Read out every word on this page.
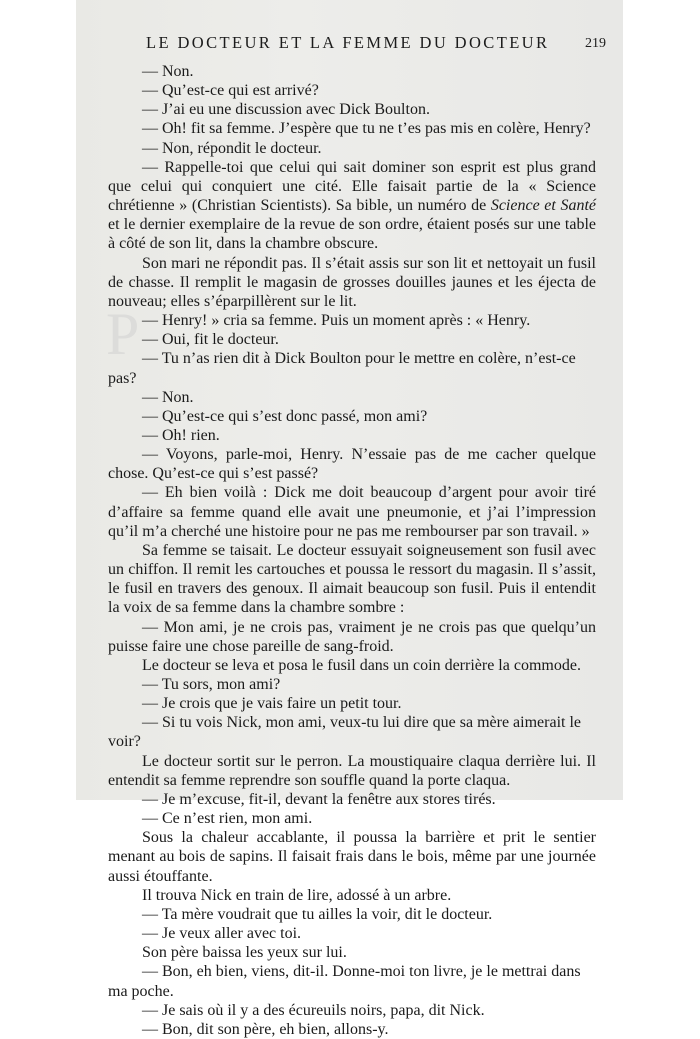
P
LE DOCTEUR ET LA FEMME DU DOCTEUR	219

— Non.

— Qu’est-ce qui est arrivé?

— J’ai eu une discussion avec Dick Boulton.

— Oh! fit sa femme. J’espère que tu ne t’es pas mis en colère, Henry?

— Non, répondit le docteur.

— Rappelle-toi que celui qui sait dominer son esprit est plus grand que celui qui conquiert une cité. Elle faisait partie de la « Science chrétienne » (Christian Scientists). Sa bible, un numéro de Science et Santé et le dernier exemplaire de la revue de son ordre, étaient posés sur une table à côté de son lit, dans la chambre obscure.

Son mari ne répondit pas. Il s’était assis sur son lit et nettoyait un fusil de chasse. Il remplit le magasin de grosses douilles jaunes et les éjecta de nouveau; elles s’éparpillèrent sur le lit.

— Henry! » cria sa femme. Puis un moment après : « Henry.

— Oui, fit le docteur.

— Tu n’as rien dit à Dick Boulton pour le mettre en colère, n’est-ce pas?

— Non.

— Qu’est-ce qui s’est donc passé, mon ami?

— Oh! rien.

— Voyons, parle-moi, Henry. N’essaie pas de me cacher quelque chose. Qu’est-ce qui s’est passé?

— Eh bien voilà : Dick me doit beaucoup d’argent pour avoir tiré d’affaire sa femme quand elle avait une pneumonie, et j’ai l’impression qu’il m’a cherché une histoire pour ne pas me rembourser par son travail. »

Sa femme se taisait. Le docteur essuyait soigneusement son fusil avec un chiffon. Il remit les cartouches et poussa le ressort du magasin. Il s’assit, le fusil en travers des genoux. Il aimait beaucoup son fusil. Puis il entendit la voix de sa femme dans la chambre sombre :

— Mon ami, je ne crois pas, vraiment je ne crois pas que quelqu’un puisse faire une chose pareille de sang-froid.

Le docteur se leva et posa le fusil dans un coin derrière la commode.

— Tu sors, mon ami?

— Je crois que je vais faire un petit tour.

— Si tu vois Nick, mon ami, veux-tu lui dire que sa mère aimerait le voir?

Le docteur sortit sur le perron. La moustiquaire claqua derrière lui. Il entendit sa femme reprendre son souffle quand la porte claqua.

— Je m’excuse, fit-il, devant la fenêtre aux stores tirés.

— Ce n’est rien, mon ami.

Sous la chaleur accablante, il poussa la barrière et prit le sentier menant au bois de sapins. Il faisait frais dans le bois, même par une journée aussi étouffante.

Il trouva Nick en train de lire, adossé à un arbre.

— Ta mère voudrait que tu ailles la voir, dit le docteur.

— Je veux aller avec toi.

Son père baissa les yeux sur lui.

— Bon, eh bien, viens, dit-il. Donne-moi ton livre, je le mettrai dans ma poche.

— Je sais où il y a des écureuils noirs, papa, dit Nick.

— Bon, dit son père, eh bien, allons-y.
